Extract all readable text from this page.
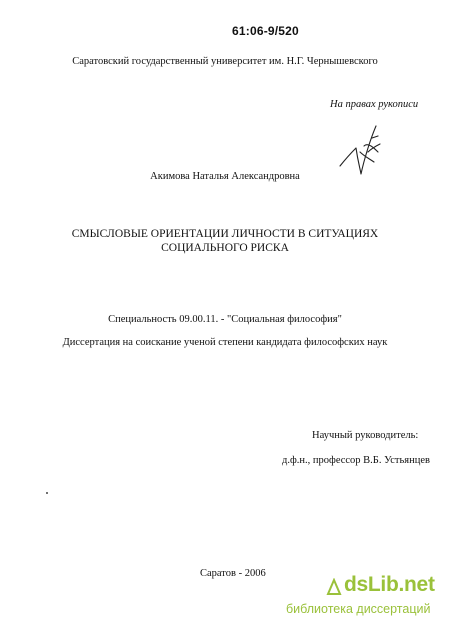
61:06-9/520
Саратовский государственный университет им. Н.Г. Чернышевского
На правах рукописи
Акимова Наталья Александровна
СМЫСЛОВЫЕ ОРИЕНТАЦИИ ЛИЧНОСТИ В СИТУАЦИЯХ
СОЦИАЛЬНОГО РИСКА
Специальность 09.00.11. - "Социальная философия"
Диссертация на соискание ученой степени кандидата философских наук
Научный руководитель:
д.ф.н., профессор В.Б. Устьянцев
Саратов - 2006	dsLib.net
библиотека диссертаций
